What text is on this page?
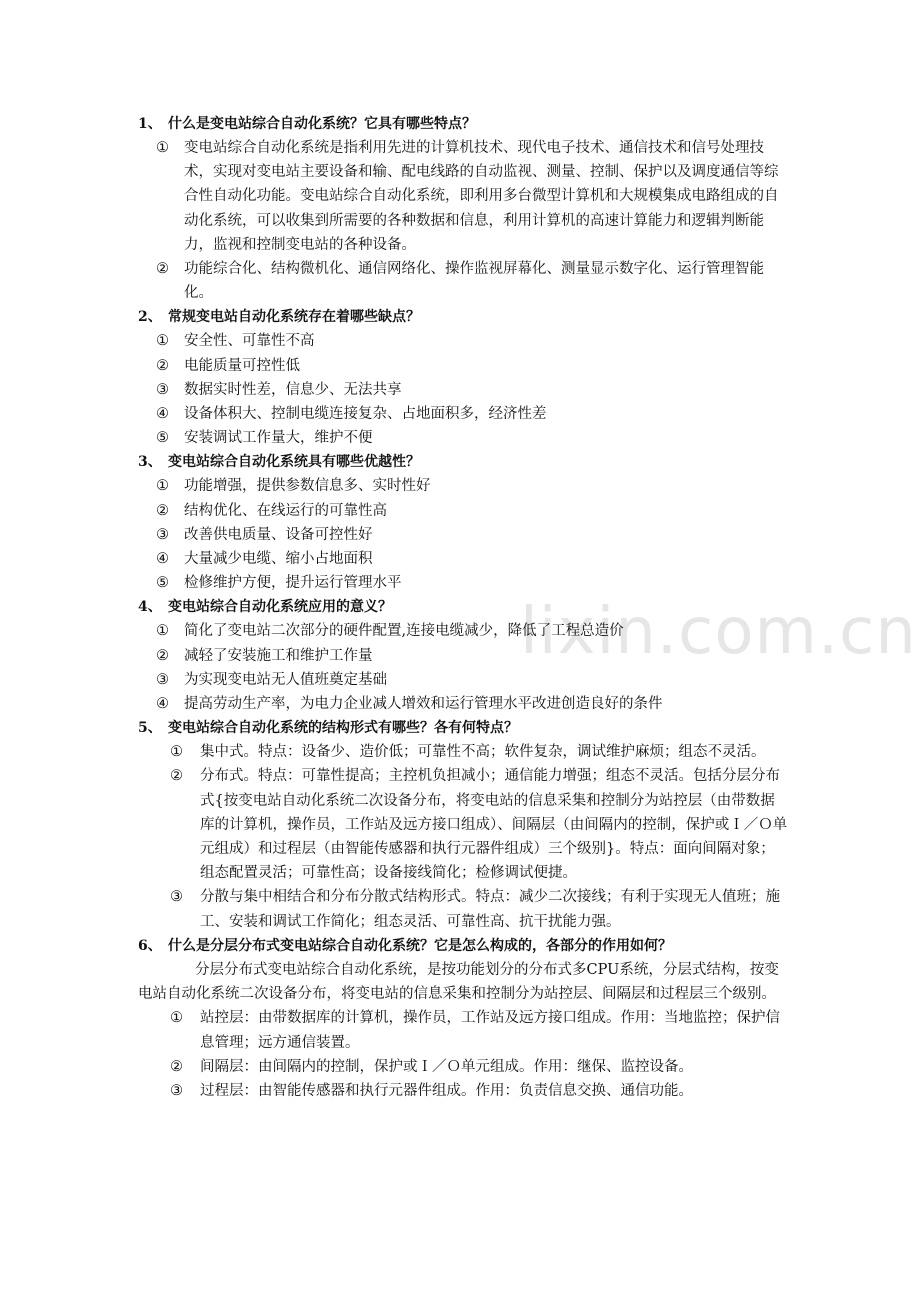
lixin.com.cn
1、 什么是变电站综合自动化系统？它具有哪些特点？
①	变电站综合自动化系统是指利用先进的计算机技术、现代电子技术、通信技术和信号处理技术，实现对变电站主要设备和输、配电线路的自动监视、测量、控制、保护以及调度通信等综合性自动化功能。变电站综合自动化系统，即利用多台微型计算机和大规模集成电路组成的自动化系统，可以收集到所需要的各种数据和信息，利用计算机的高速计算能力和逻辑判断能力，监视和控制变电站的各种设备。
②	功能综合化、结构微机化、通信网络化、操作监视屏幕化、测量显示数字化、运行管理智能化。
2、 常规变电站自动化系统存在着哪些缺点？
①	安全性、可靠性不高
②	电能质量可控性低
③	数据实时性差，信息少、无法共享
④	设备体积大、控制电缆连接复杂、占地面积多，经济性差
⑤	安装调试工作量大，维护不便
3、 变电站综合自动化系统具有哪些优越性？
①	功能增强，提供参数信息多、实时性好
②	结构优化、在线运行的可靠性高
③	改善供电质量、设备可控性好
④	大量减少电缆、缩小占地面积
⑤	检修维护方便，提升运行管理水平
4、 变电站综合自动化系统应用的意义？
①	简化了变电站二次部分的硬件配置,连接电缆减少，降低了工程总造价
②	减轻了安装施工和维护工作量
③	为实现变电站无人值班奠定基础
④	提高劳动生产率，为电力企业减人增效和运行管理水平改进创造良好的条件
5、 变电站综合自动化系统的结构形式有哪些？各有何特点？
①	集中式。特点：设备少、造价低；可靠性不高；软件复杂，调试维护麻烦；组态不灵活。
②	分布式。特点：可靠性提高；主控机负担减小；通信能力增强；组态不灵活。包括分层分布式{按变电站自动化系统二次设备分布，将变电站的信息采集和控制分为站控层（由带数据库的计算机，操作员，工作站及远方接口组成）、间隔层（由间隔内的控制，保护或Ｉ／Ｏ单元组成）和过程层（由智能传感器和执行元器件组成）三个级别}。特点：面向间隔对象；组态配置灵活；可靠性高；设备接线简化；检修调试便捷。
③	分散与集中相结合和分布分散式结构形式。特点：减少二次接线；有利于实现无人值班；施工、安装和调试工作简化；组态灵活、可靠性高、抗干扰能力强。
6、 什么是分层分布式变电站综合自动化系统？它是怎么构成的，各部分的作用如何？

分层分布式变电站综合自动化系统，是按功能划分的分布式多CPU系统，分层式结构，按变电站自动化系统二次设备分布，将变电站的信息采集和控制分为站控层、间隔层和过程层三个级别。

①	站控层：由带数据库的计算机，操作员，工作站及远方接口组成。作用：当地监控；保护信息管理；远方通信装置。
②	间隔层：由间隔内的控制，保护或Ｉ／Ｏ单元组成。作用：继保、监控设备。
③	过程层：由智能传感器和执行元器件组成。作用：负责信息交换、通信功能。
